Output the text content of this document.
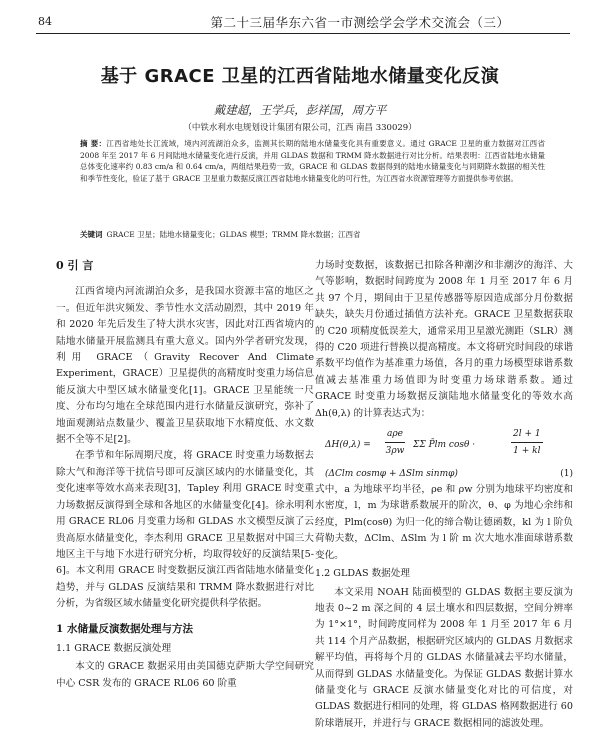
84	第二十三届华东六省一市测绘学会学术交流会（三）
基于 GRACE 卫星的江西省陆地水储量变化反演
戴建超，王学兵，彭祥国，周方平
（中铁水利水电规划设计集团有限公司，江西 南昌 330029）
摘 要：江西省地处长江流域，境内河流湖泊众多，监测其长期的陆地水储量变化具有重要意义。通过 GRACE 卫星的重力数据对江西省 2008 年至 2017 年 6 月间陆地水储量变化进行反演，并用 GLDAS 数据和 TRMM 降水数据进行对比分析。结果表明：江西省陆地水储量总体变化速率约 0.83 cm/a 和 0.64 cm/a，两组结果趋势一致，GRACE 和 GLDAS 数据得到的陆地水储量变化与同期降水数据的相关性和季节性变化，验证了基于 GRACE 卫星重力数据反演江西省陆地水储量变化的可行性，为江西省水资源管理等方面提供参考依据。
关键词 GRACE 卫星；陆地水储量变化；GLDAS 模型；TRMM 降水数据；江西省
0 引 言

江西省境内河流湖泊众多，是我国水资源丰富的地区之一。但近年洪灾频发、季节性水文活动剧烈，其中 2019 年和 2020 年先后发生了特大洪水灾害，因此对江西省境内的陆地水储量开展监测具有重大意义。国内外学者研究发现，利用 GRACE（Gravity Recover And Climate Experiment，GRACE）卫星提供的高精度时变重力场信息能反演大中型区域水储量变化[1]。GRACE 卫星能统一尺度、分布均匀地在全球范围内进行水储量反演研究，弥补了地面观测站点数量少、覆盖卫星获取地下水精度低、水文数据不全等不足[2]。

在季节和年际周期尺度，将 GRACE 时变重力场数据去除大气和海洋等干扰信号即可反演区域内的水储量变化，其变化速率等效水高来表现[3]，Tapley 利用 GRACE 时变重力场数据反演得到全球和各地区的水储量变化[4]。徐永明利用 GRACE RL06 月变重力场和 GLDAS 水文模型反演了云贵高原水储量变化，李杰利用 GRACE 卫星数据对中国三大地区主干与地下水进行研究分析，均取得较好的反演结果[5-6]。本文利用 GRACE 时变数据反演江西省陆地水储量变化趋势，并与 GLDAS 反演结果和 TRMM 降水数据进行对比分析，为省级区域水储量变化研究提供科学依据。

1 水储量反演数据处理与方法
1.1 GRACE 数据反演处理

本文的 GRACE 数据采用由美国德克萨斯大学空间研究中心 CSR 发布的 GRACE RL06 60 阶重

力场时变数据，该数据已扣除各种潮汐和非潮汐的海洋、大气等影响，数据时间跨度为 2008 年 1 月至 2017 年 6 月共 97 个月，期间由于卫星传感器等原因造成部分月份数据缺失，缺失月份通过插值方法补充。GRACE 卫星数据获取的 C20 项精度低误差大，通常采用卫星激光测距（SLR）测得的 C20 项进行替换以提高精度。本文将研究时间段的球谐系数平均值作为基准重力场值，各月的重力场模型球谐系数值减去基准重力场值即为时变重力场球谐系数。通过 GRACE 时变重力场数据反演陆地水储量变化的等效水高 Δh(θ,λ) 的计算表达式为：

ΔH(θ,λ) =
aρe
3ρw
ΣΣ P̄lm cosθ ·	$\frac{2l + 1}{1 + kl}$
(ΔClm cosmφ + ΔSlm sinmφ)	(1)

式中，a 为地球平均半径，ρe 和 ρw 分别为地球平均密度和水密度，l，m 为球谐系数展开的阶次，θ、φ 为地心余纬和经度，Plm(cosθ) 为归一化的缔合勒让德函数，kl 为 l 阶负荷勒夫数，ΔClm、ΔSlm 为 l 阶 m 次大地水准面球谐系数变化。

1.2 GLDAS 数据处理

本文采用 NOAH 陆面模型的 GLDAS 数据主要反演为地表 0~2 m 深之间的 4 层土壤水和四层数据，空间分辨率为 1°×1°，时间跨度同样为 2008 年 1 月至 2017 年 6 月共 114 个月产品数据，根据研究区域内的 GLDAS 月数据求解平均值，再将每个月的 GLDAS 水储量减去平均水储量，从而得到 GLDAS 水储量变化。为保证 GLDAS 数据计算水储量变化与 GRACE 反演水储量变化对比的可信度，对 GLDAS 数据进行相同的处理，将 GLDAS 格网数据进行 60 阶球谐展开，并进行与 GRACE 数据相同的滤波处理。
